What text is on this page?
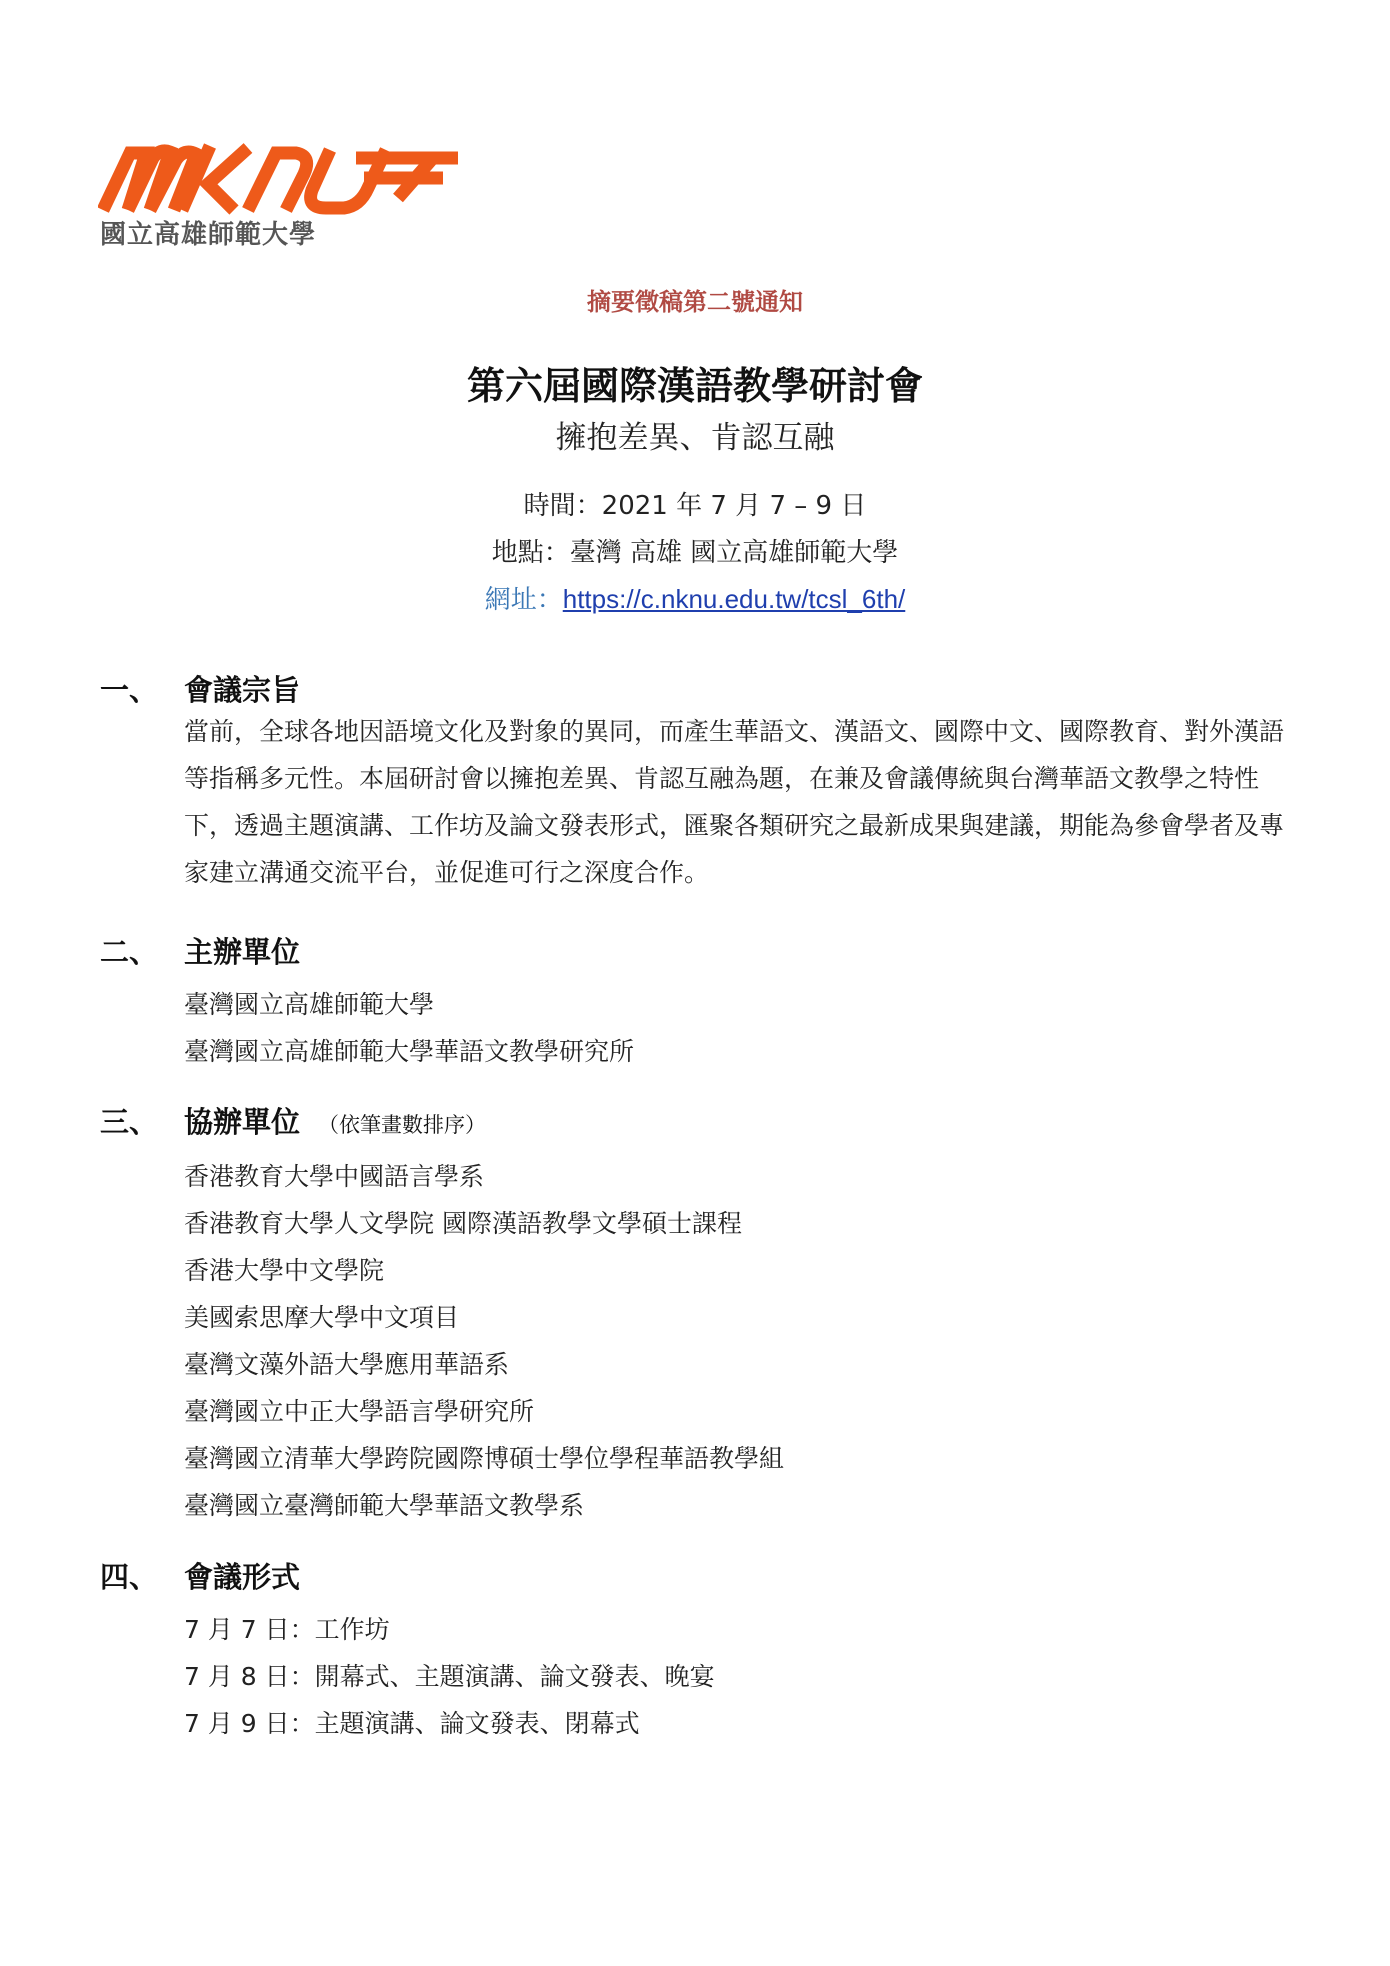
國立高雄師範大學
摘要徵稿第二號通知
第六屆國際漢語教學研討會
擁抱差異、肯認互融
時間：2021 年 7 月 7 – 9 日
地點：臺灣 高雄 國立高雄師範大學
網址：https://c.nknu.edu.tw/tcsl_6th/
一、 會議宗旨
當前，全球各地因語境文化及對象的異同，而產生華語文、漢語文、國際中文、國際教育、對外漢語等指稱多元性。本屆研討會以擁抱差異、肯認互融為題，在兼及會議傳統與台灣華語文教學之特性下，透過主題演講、工作坊及論文發表形式，匯聚各類研究之最新成果與建議，期能為參會學者及專家建立溝通交流平台，並促進可行之深度合作。
二、 主辦單位
臺灣國立高雄師範大學
臺灣國立高雄師範大學華語文教學研究所
三、 協辦單位 （依筆畫數排序）
香港教育大學中國語言學系
香港教育大學人文學院 國際漢語教學文學碩士課程
香港大學中文學院
美國索思摩大學中文項目
臺灣文藻外語大學應用華語系
臺灣國立中正大學語言學研究所
臺灣國立清華大學跨院國際博碩士學位學程華語教學組
臺灣國立臺灣師範大學華語文教學系
四、 會議形式
7 月 7 日：工作坊
7 月 8 日：開幕式、主題演講、論文發表、晚宴
7 月 9 日：主題演講、論文發表、閉幕式
